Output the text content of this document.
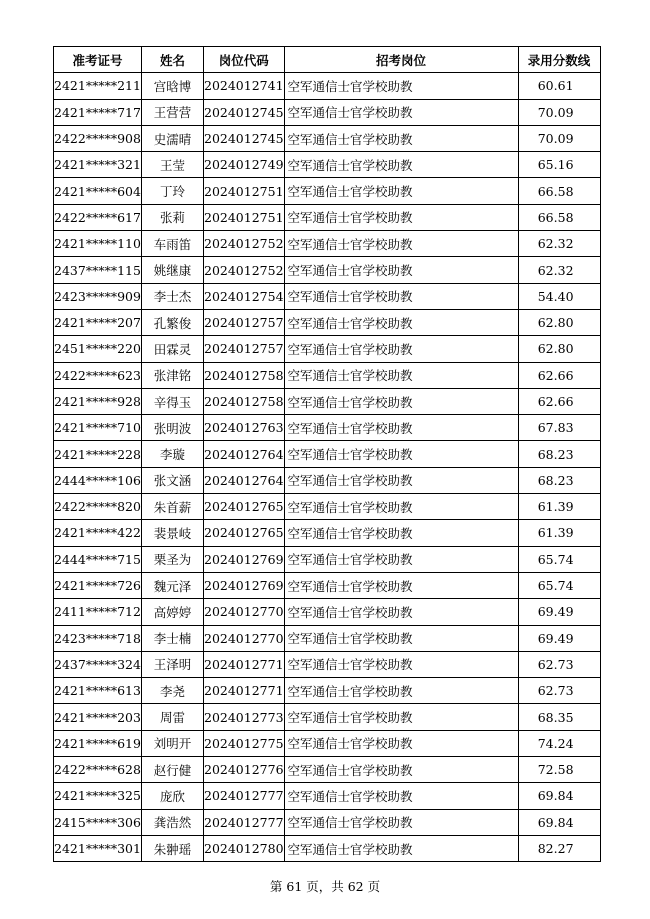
准考证号	姓名	岗位代码	招考岗位	录用分数线
2421*****211	宫晗博	2024012741	空军通信士官学校助教	60.61
2421*****717	王营营	2024012745	空军通信士官学校助教	70.09
2422*****908	史濡晴	2024012745	空军通信士官学校助教	70.09
2421*****321	王莹	2024012749	空军通信士官学校助教	65.16
2421*****604	丁玲	2024012751	空军通信士官学校助教	66.58
2422*****617	张莉	2024012751	空军通信士官学校助教	66.58
2421*****110	车雨笛	2024012752	空军通信士官学校助教	62.32
2437*****115	姚继康	2024012752	空军通信士官学校助教	62.32
2423*****909	李士杰	2024012754	空军通信士官学校助教	54.40
2421*****207	孔繁俊	2024012757	空军通信士官学校助教	62.80
2451*****220	田霖灵	2024012757	空军通信士官学校助教	62.80
2422*****623	张津铭	2024012758	空军通信士官学校助教	62.66
2421*****928	辛得玉	2024012758	空军通信士官学校助教	62.66
2421*****710	张明波	2024012763	空军通信士官学校助教	67.83
2421*****228	李璇	2024012764	空军通信士官学校助教	68.23
2444*****106	张文涵	2024012764	空军通信士官学校助教	68.23
2422*****820	朱首薪	2024012765	空军通信士官学校助教	61.39
2421*****422	裴景岐	2024012765	空军通信士官学校助教	61.39
2444*****715	栗圣为	2024012769	空军通信士官学校助教	65.74
2421*****726	魏元泽	2024012769	空军通信士官学校助教	65.74
2411*****712	高婷婷	2024012770	空军通信士官学校助教	69.49
2423*****718	李士楠	2024012770	空军通信士官学校助教	69.49
2437*****324	王泽明	2024012771	空军通信士官学校助教	62.73
2421*****613	李尧	2024012771	空军通信士官学校助教	62.73
2421*****203	周雷	2024012773	空军通信士官学校助教	68.35
2421*****619	刘明开	2024012775	空军通信士官学校助教	74.24
2422*****628	赵行健	2024012776	空军通信士官学校助教	72.58
2421*****325	庞欣	2024012777	空军通信士官学校助教	69.84
2415*****306	龚浩然	2024012777	空军通信士官学校助教	69.84
2421*****301	朱翀瑶	2024012780	空军通信士官学校助教	82.27
第 61 页，共 62 页
